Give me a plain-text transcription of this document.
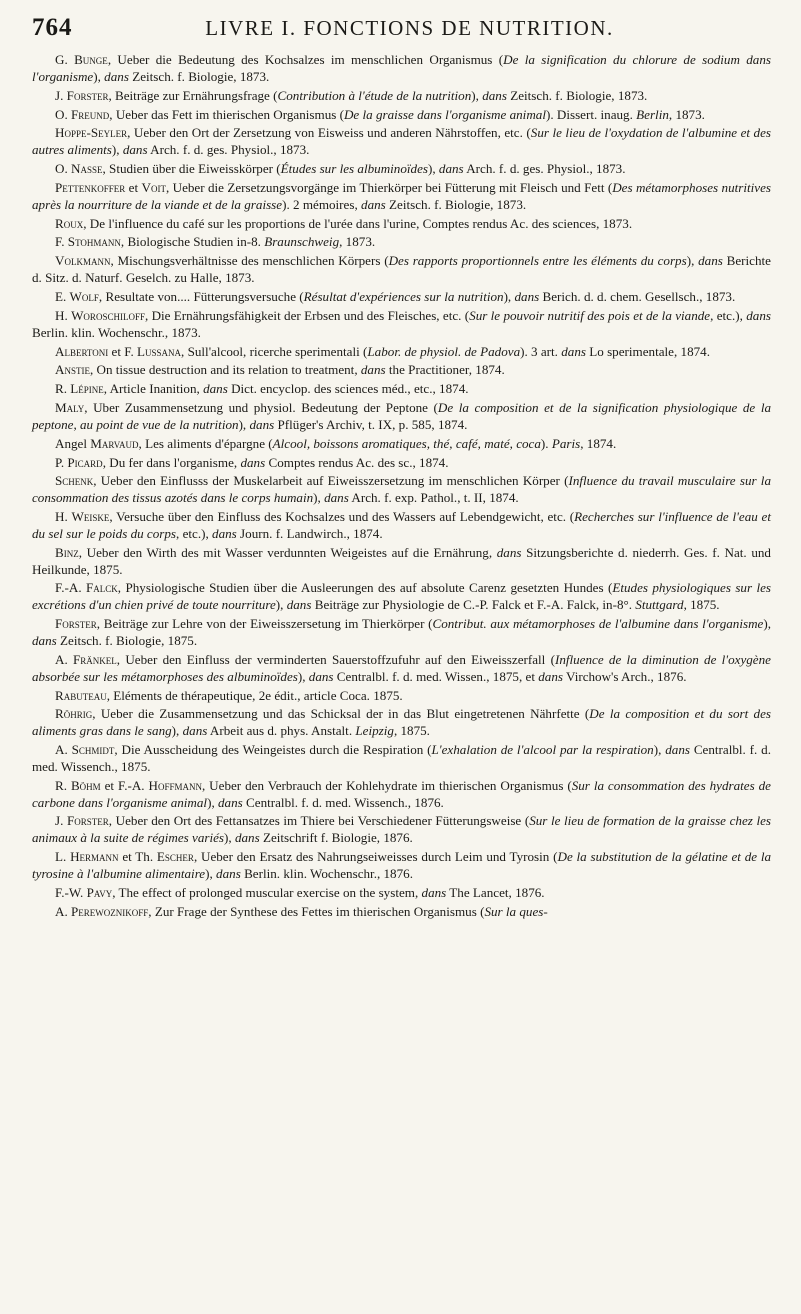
764	LIVRE I. FONCTIONS DE NUTRITION.

G. Bunge, Ueber die Bedeutung des Kochsalzes im menschlichen Organismus (De la signification du chlorure de sodium dans l'organisme), dans Zeitsch. f. Biologie, 1873.

J. Forster, Beiträge zur Ernährungsfrage (Contribution à l'étude de la nutrition), dans Zeitsch. f. Biologie, 1873.

O. Freund, Ueber das Fett im thierischen Organismus (De la graisse dans l'organisme animal). Dissert. inaug. Berlin, 1873.

Hoppe-Seyler, Ueber den Ort der Zersetzung von Eisweiss und anderen Nährstoffen, etc. (Sur le lieu de l'oxydation de l'albumine et des autres aliments), dans Arch. f. d. ges. Physiol., 1873.

O. Nasse, Studien über die Eiweisskörper (Études sur les albuminoïdes), dans Arch. f. d. ges. Physiol., 1873.

Pettenkoffer et Voit, Ueber die Zersetzungsvorgänge im Thierkörper bei Fütterung mit Fleisch und Fett (Des métamorphoses nutritives après la nourriture de la viande et de la graisse). 2 mémoires, dans Zeitsch. f. Biologie, 1873.

Roux, De l'influence du café sur les proportions de l'urée dans l'urine, Comptes rendus Ac. des sciences, 1873.

F. Stohmann, Biologische Studien in-8. Braunschweig, 1873.

Volkmann, Mischungsverhältnisse des menschlichen Körpers (Des rapports proportionnels entre les éléments du corps), dans Berichte d. Sitz. d. Naturf. Geselch. zu Halle, 1873.

E. Wolf, Resultate von.... Fütterungsversuche (Résultat d'expériences sur la nutrition), dans Berich. d. d. chem. Gesellsch., 1873.

H. Woroschiloff, Die Ernährungsfähigkeit der Erbsen und des Fleisches, etc. (Sur le pouvoir nutritif des pois et de la viande, etc.), dans Berlin. klin. Wochenschr., 1873.

Albertoni et F. Lussana, Sull'alcool, ricerche sperimentali (Labor. de physiol. de Padova). 3 art. dans Lo sperimentale, 1874.

Anstie, On tissue destruction and its relation to treatment, dans the Practitioner, 1874.

R. Lépine, Article Inanition, dans Dict. encyclop. des sciences méd., etc., 1874.

Maly, Uber Zusammensetzung und physiol. Bedeutung der Peptone (De la composition et de la signification physiologique de la peptone, au point de vue de la nutrition), dans Pflüger's Archiv, t. IX, p. 585, 1874.

Angel Marvaud, Les aliments d'épargne (Alcool, boissons aromatiques, thé, café, maté, coca). Paris, 1874.

P. Picard, Du fer dans l'organisme, dans Comptes rendus Ac. des sc., 1874.

Schenk, Ueber den Einflusss der Muskelarbeit auf Eiweisszersetzung im menschlichen Körper (Influence du travail musculaire sur la consommation des tissus azotés dans le corps humain), dans Arch. f. exp. Pathol., t. II, 1874.

H. Weiske, Versuche über den Einfluss des Kochsalzes und des Wassers auf Lebendgewicht, etc. (Recherches sur l'influence de l'eau et du sel sur le poids du corps, etc.), dans Journ. f. Landwirch., 1874.

Binz, Ueber den Wirth des mit Wasser verdunnten Weigeistes auf die Ernährung, dans Sitzungsberichte d. niederrh. Ges. f. Nat. und Heilkunde, 1875.

F.-A. Falck, Physiologische Studien über die Ausleerungen des auf absolute Carenz gesetzten Hundes (Etudes physiologiques sur les excrétions d'un chien privé de toute nourriture), dans Beiträge zur Physiologie de C.-P. Falck et F.-A. Falck, in-8°. Stuttgard, 1875.

Forster, Beiträge zur Lehre von der Eiweisszersetung im Thierkörper (Contribut. aux métamorphoses de l'albumine dans l'organisme), dans Zeitsch. f. Biologie, 1875.

A. Fränkel, Ueber den Einfluss der verminderten Sauerstoffzufuhr auf den Eiweisszerfall (Influence de la diminution de l'oxygène absorbée sur les métamorphoses des albuminoïdes), dans Centralbl. f. d. med. Wissen., 1875, et dans Virchow's Arch., 1876.

Rabuteau, Eléments de thérapeutique, 2e édit., article Coca. 1875.

Röhrig, Ueber die Zusammensetzung und das Schicksal der in das Blut eingetretenen Nährfette (De la composition et du sort des aliments gras dans le sang), dans Arbeit aus d. phys. Anstalt. Leipzig, 1875.

A. Schmidt, Die Ausscheidung des Weingeistes durch die Respiration (L'exhalation de l'alcool par la respiration), dans Centralbl. f. d. med. Wissench., 1875.

R. Böhm et F.-A. Hoffmann, Ueber den Verbrauch der Kohlehydrate im thierischen Organismus (Sur la consommation des hydrates de carbone dans l'organisme animal), dans Centralbl. f. d. med. Wissench., 1876.

J. Forster, Ueber den Ort des Fettansatzes im Thiere bei Verschiedener Fütterungsweise (Sur le lieu de formation de la graisse chez les animaux à la suite de régimes variés), dans Zeitschrift f. Biologie, 1876.

L. Hermann et Th. Escher, Ueber den Ersatz des Nahrungseiweisses durch Leim und Tyrosin (De la substitution de la gélatine et de la tyrosine à l'albumine alimentaire), dans Berlin. klin. Wochenschr., 1876.

F.-W. Pavy, The effect of prolonged muscular exercise on the system, dans The Lancet, 1876.

A. Perewoznikoff, Zur Frage der Synthese des Fettes im thierischen Organismus (Sur la ques-
